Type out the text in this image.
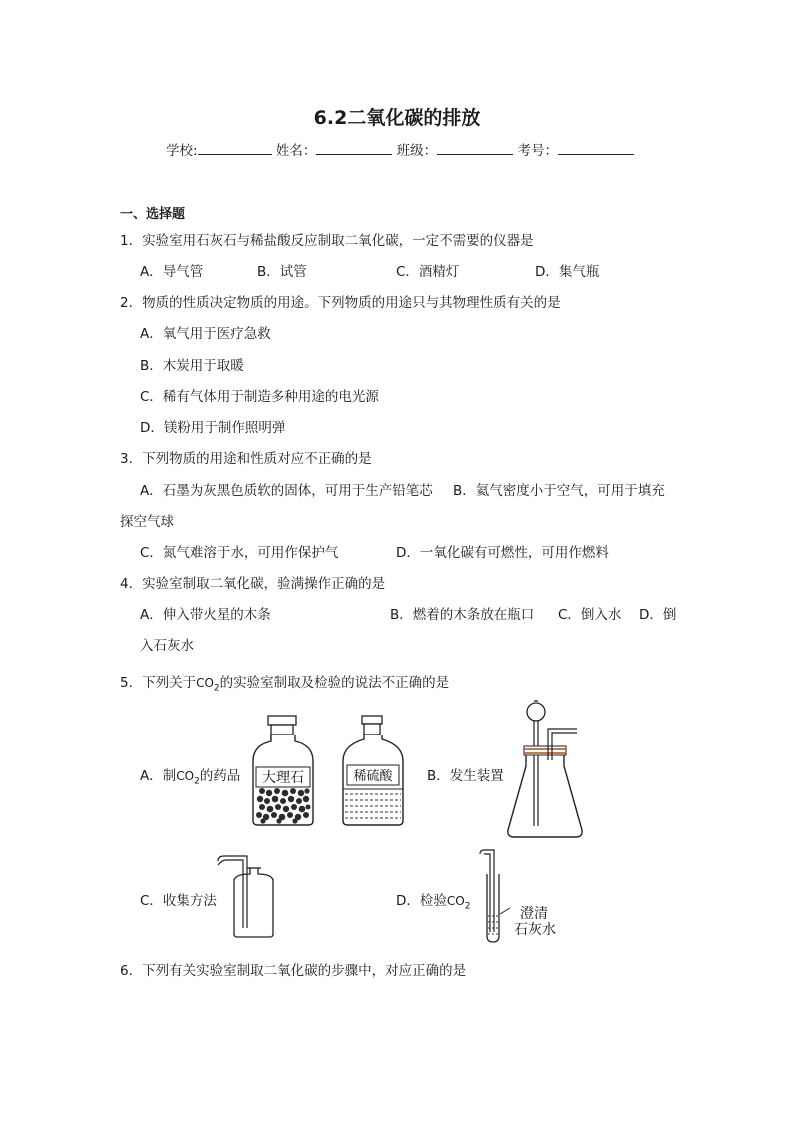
6.2二氧化碳的排放
学校:	姓名：	班级：	考号：
一、选择题
1．实验室用石灰石与稀盐酸反应制取二氧化碳，一定不需要的仪器是
A．导气管	B．试管	C．酒精灯	D．集气瓶
2．物质的性质决定物质的用途。下列物质的用途只与其物理性质有关的是
A．氧气用于医疗急救
B．木炭用于取暖
C．稀有气体用于制造多种用途的电光源
D．镁粉用于制作照明弹
3．下列物质的用途和性质对应不正确的是
A．石墨为灰黑色质软的固体，可用于生产铅笔芯 B．氦气密度小于空气，可用于填充
探空气球
C．氮气难溶于水，可用作保护气	D．一氧化碳有可燃性，可用作燃料
4．实验室制取二氧化碳，验满操作正确的是
A．伸入带火星的木条	B．燃着的木条放在瓶口 C．倒入水 D．倒
入石灰水
5．下列关于$CO_2$的实验室制取及检验的说法不正确的是
A．制$CO_2$的药品	B．发生装置
C．收集方法	D．检验$CO_2$
大理石	稀硫酸
澄清
石灰水
6．下列有关实验室制取二氧化碳的步骤中，对应正确的是
